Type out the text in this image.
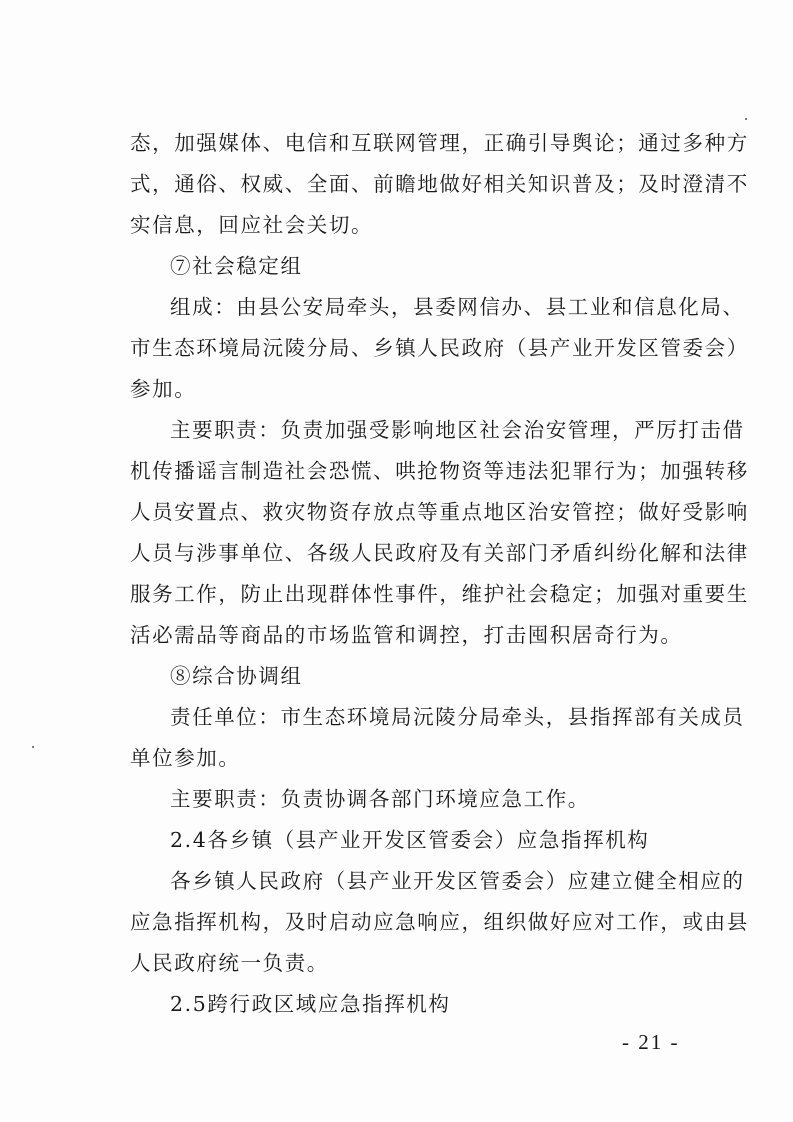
态，加强媒体、电信和互联网管理，正确引导舆论；通过多种方
式，通俗、权威、全面、前瞻地做好相关知识普及；及时澄清不
实信息，回应社会关切。
⑦社会稳定组
组成：由县公安局牵头，县委网信办、县工业和信息化局、
市生态环境局沅陵分局、乡镇人民政府（县产业开发区管委会）
参加。
主要职责：负责加强受影响地区社会治安管理，严厉打击借
机传播谣言制造社会恐慌、哄抢物资等违法犯罪行为；加强转移
人员安置点、救灾物资存放点等重点地区治安管控；做好受影响
人员与涉事单位、各级人民政府及有关部门矛盾纠纷化解和法律
服务工作，防止出现群体性事件，维护社会稳定；加强对重要生
活必需品等商品的市场监管和调控，打击囤积居奇行为。
⑧综合协调组
责任单位：市生态环境局沅陵分局牵头，县指挥部有关成员
单位参加。
主要职责：负责协调各部门环境应急工作。
2.4各乡镇（县产业开发区管委会）应急指挥机构
各乡镇人民政府（县产业开发区管委会）应建立健全相应的
应急指挥机构，及时启动应急响应，组织做好应对工作，或由县
人民政府统一负责。
2.5跨行政区域应急指挥机构
- 21 -
